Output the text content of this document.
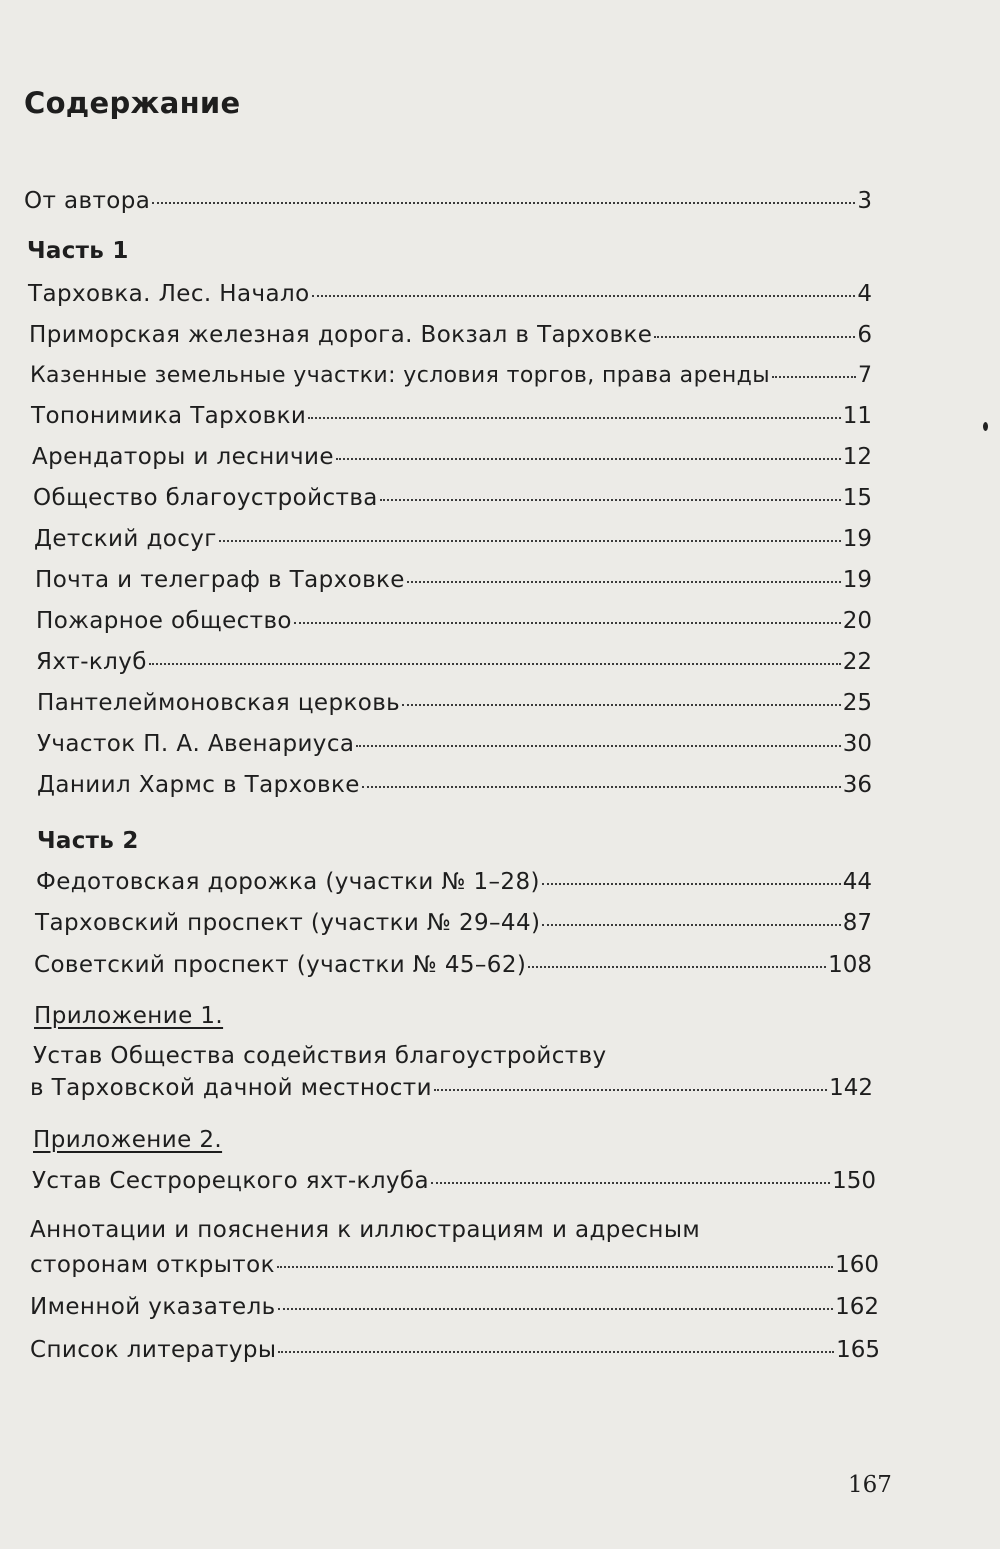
Содержание
От автора	3
Часть 1
Тарховка. Лес. Начало	4
Приморская железная дорога. Вокзал в Тарховке	6
Казенные земельные участки: условия торгов, права аренды	7
Топонимика Тарховки	11
Арендаторы и лесничие	12
Общество благоустройства	15
Детский досуг	19
Почта и телеграф в Тарховке	19
Пожарное общество	20
Яхт-клуб	22
Пантелеймоновская церковь	25
Участок П. А. Авенариуса	30
Даниил Хармс в Тарховке	36
Часть 2
Федотовская дорожка (участки № 1–28)	44
Тарховский проспект (участки № 29–44)	87
Советский проспект (участки № 45–62)	108
Приложение 1.
Устав Общества содействия благоустройству
в Тарховской дачной местности	142
Приложение 2.
Устав Сестрорецкого яхт-клуба	150
Аннотации и пояснения к иллюстрациям и адресным
сторонам открыток	160
Именной указатель	162
Список литературы	165
167
